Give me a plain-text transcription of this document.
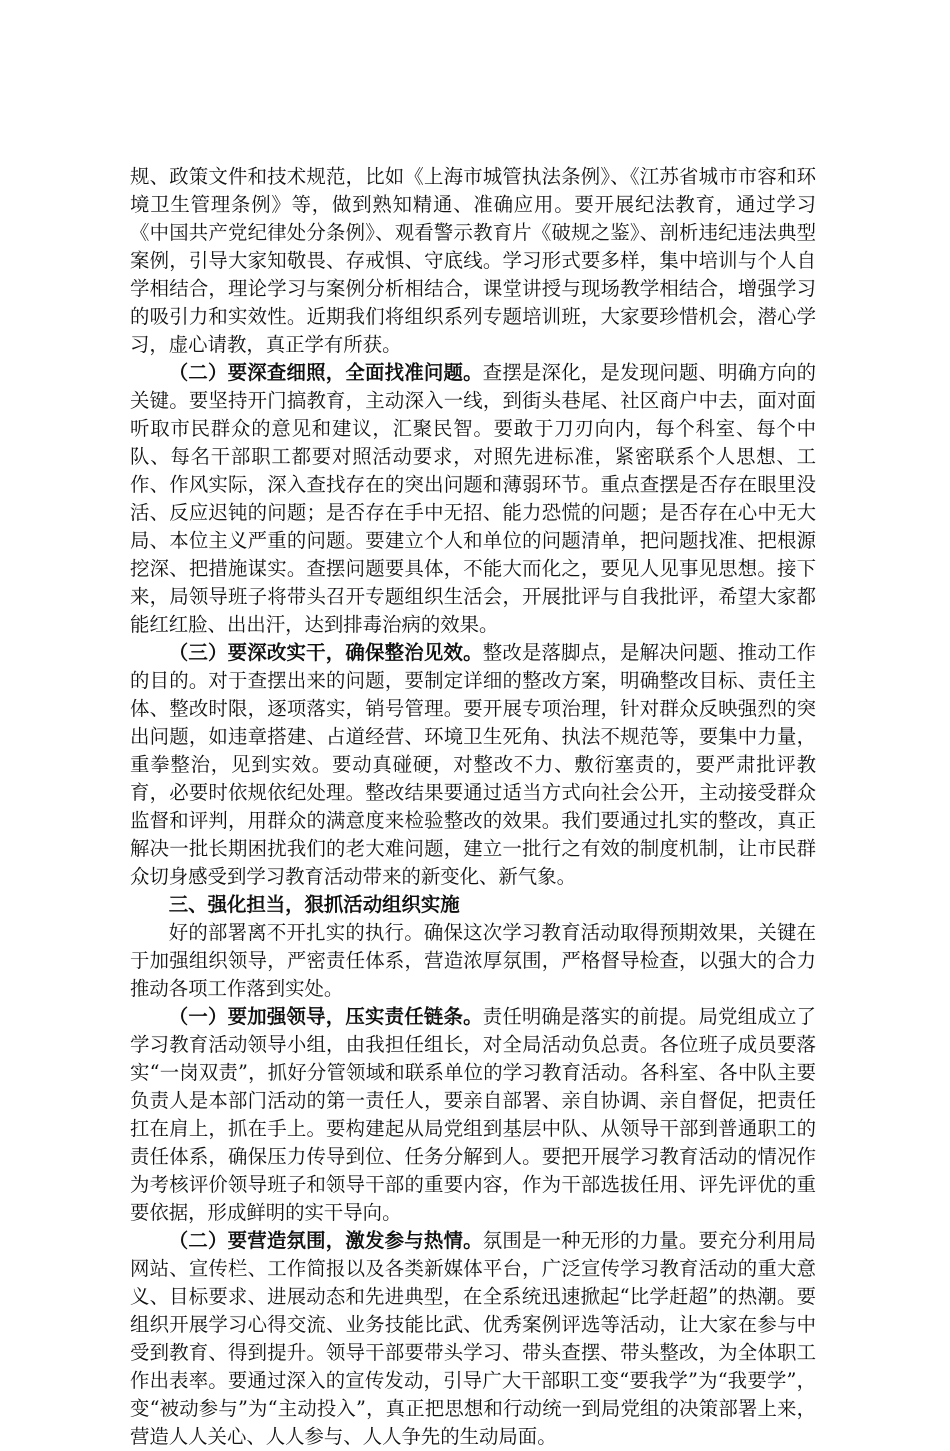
规、政策文件和技术规范，比如《上海市城管执法条例》、《江苏省城市市容和环境卫生管理条例》等，做到熟知精通、准确应用。要开展纪法教育，通过学习《中国共产党纪律处分条例》、观看警示教育片《破规之鉴》、剖析违纪违法典型案例，引导大家知敬畏、存戒惧、守底线。学习形式要多样，集中培训与个人自学相结合，理论学习与案例分析相结合，课堂讲授与现场教学相结合，增强学习的吸引力和实效性。近期我们将组织系列专题培训班，大家要珍惜机会，潜心学习，虚心请教，真正学有所获。

（二）要深查细照，全面找准问题。查摆是深化，是发现问题、明确方向的关键。要坚持开门搞教育，主动深入一线，到街头巷尾、社区商户中去，面对面听取市民群众的意见和建议，汇聚民智。要敢于刀刃向内，每个科室、每个中队、每名干部职工都要对照活动要求，对照先进标准，紧密联系个人思想、工作、作风实际，深入查找存在的突出问题和薄弱环节。重点查摆是否存在眼里没活、反应迟钝的问题；是否存在手中无招、能力恐慌的问题；是否存在心中无大局、本位主义严重的问题。要建立个人和单位的问题清单，把问题找准、把根源挖深、把措施谋实。查摆问题要具体，不能大而化之，要见人见事见思想。接下来，局领导班子将带头召开专题组织生活会，开展批评与自我批评，希望大家都能红红脸、出出汗，达到排毒治病的效果。

（三）要深改实干，确保整治见效。整改是落脚点，是解决问题、推动工作的目的。对于查摆出来的问题，要制定详细的整改方案，明确整改目标、责任主体、整改时限，逐项落实，销号管理。要开展专项治理，针对群众反映强烈的突出问题，如违章搭建、占道经营、环境卫生死角、执法不规范等，要集中力量，重拳整治，见到实效。要动真碰硬，对整改不力、敷衍塞责的，要严肃批评教育，必要时依规依纪处理。整改结果要通过适当方式向社会公开，主动接受群众监督和评判，用群众的满意度来检验整改的效果。我们要通过扎实的整改，真正解决一批长期困扰我们的老大难问题，建立一批行之有效的制度机制，让市民群众切身感受到学习教育活动带来的新变化、新气象。

三、强化担当，狠抓活动组织实施

好的部署离不开扎实的执行。确保这次学习教育活动取得预期效果，关键在于加强组织领导，严密责任体系，营造浓厚氛围，严格督导检查，以强大的合力推动各项工作落到实处。

（一）要加强领导，压实责任链条。责任明确是落实的前提。局党组成立了学习教育活动领导小组，由我担任组长，对全局活动负总责。各位班子成员要落实“一岗双责”，抓好分管领域和联系单位的学习教育活动。各科室、各中队主要负责人是本部门活动的第一责任人，要亲自部署、亲自协调、亲自督促，把责任扛在肩上，抓在手上。要构建起从局党组到基层中队、从领导干部到普通职工的责任体系，确保压力传导到位、任务分解到人。要把开展学习教育活动的情况作为考核评价领导班子和领导干部的重要内容，作为干部选拔任用、评先评优的重要依据，形成鲜明的实干导向。

（二）要营造氛围，激发参与热情。氛围是一种无形的力量。要充分利用局网站、宣传栏、工作简报以及各类新媒体平台，广泛宣传学习教育活动的重大意义、目标要求、进展动态和先进典型，在全系统迅速掀起“比学赶超”的热潮。要组织开展学习心得交流、业务技能比武、优秀案例评选等活动，让大家在参与中受到教育、得到提升。领导干部要带头学习、带头查摆、带头整改，为全体职工作出表率。要通过深入的宣传发动，引导广大干部职工变“要我学”为“我要学”，变“被动参与”为“主动投入”，真正把思想和行动统一到局党组的决策部署上来，营造人人关心、人人参与、人人争先的生动局面。
